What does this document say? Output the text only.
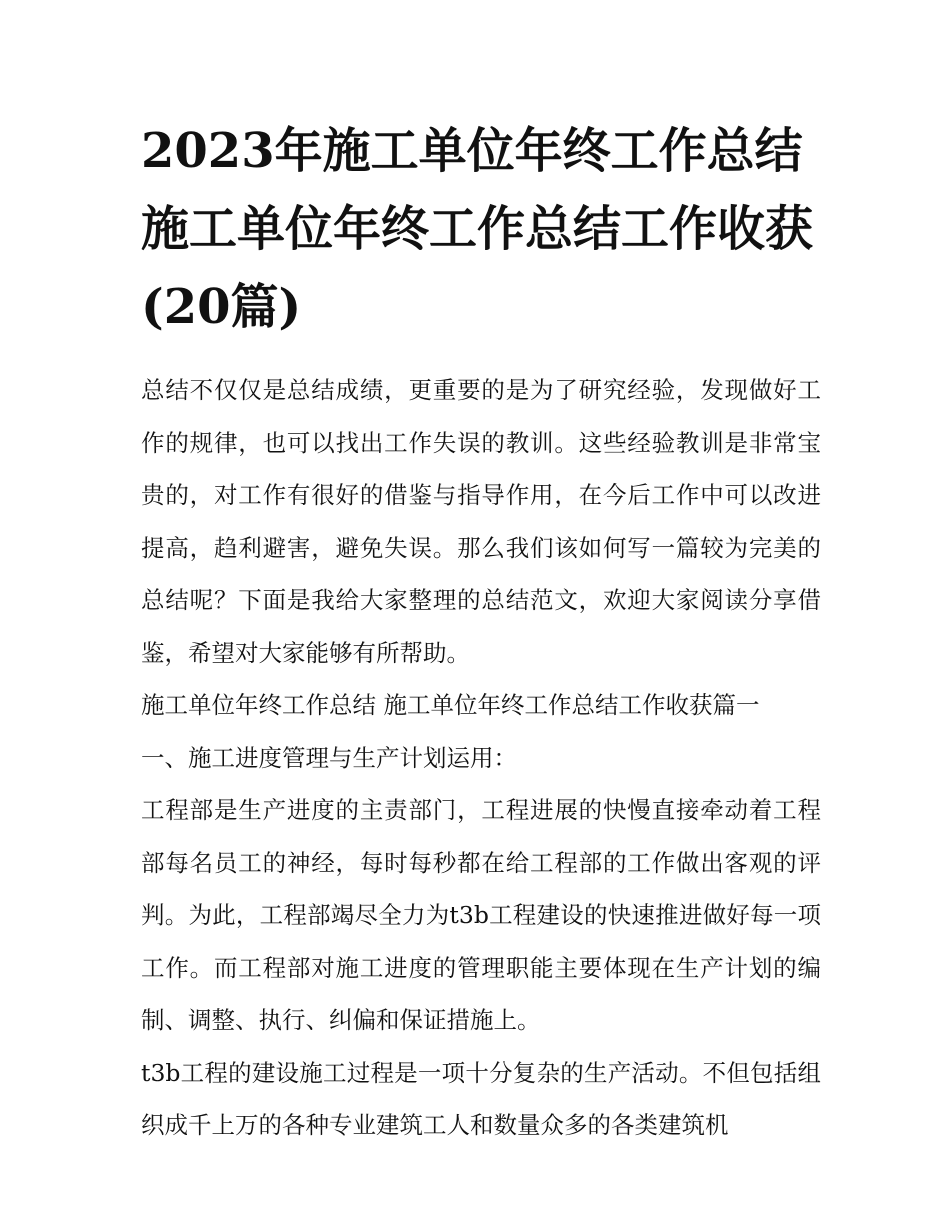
2023年施工单位年终工作总结 施工单位年终工作总结工作收获(20篇)

总结不仅仅是总结成绩，更重要的是为了研究经验，发现做好工作的规律，也可以找出工作失误的教训。这些经验教训是非常宝贵的，对工作有很好的借鉴与指导作用，在今后工作中可以改进提高，趋利避害，避免失误。那么我们该如何写一篇较为完美的总结呢？下面是我给大家整理的总结范文，欢迎大家阅读分享借鉴，希望对大家能够有所帮助。

施工单位年终工作总结 施工单位年终工作总结工作收获篇一

一、施工进度管理与生产计划运用：

工程部是生产进度的主责部门，工程进展的快慢直接牵动着工程部每名员工的神经，每时每秒都在给工程部的工作做出客观的评判。为此，工程部竭尽全力为t3b工程建设的快速推进做好每一项工作。而工程部对施工进度的管理职能主要体现在生产计划的编制、调整、执行、纠偏和保证措施上。

t3b工程的建设施工过程是一项十分复杂的生产活动。不但包括组织成千上万的各种专业建筑工人和数量众多的各类建筑机
